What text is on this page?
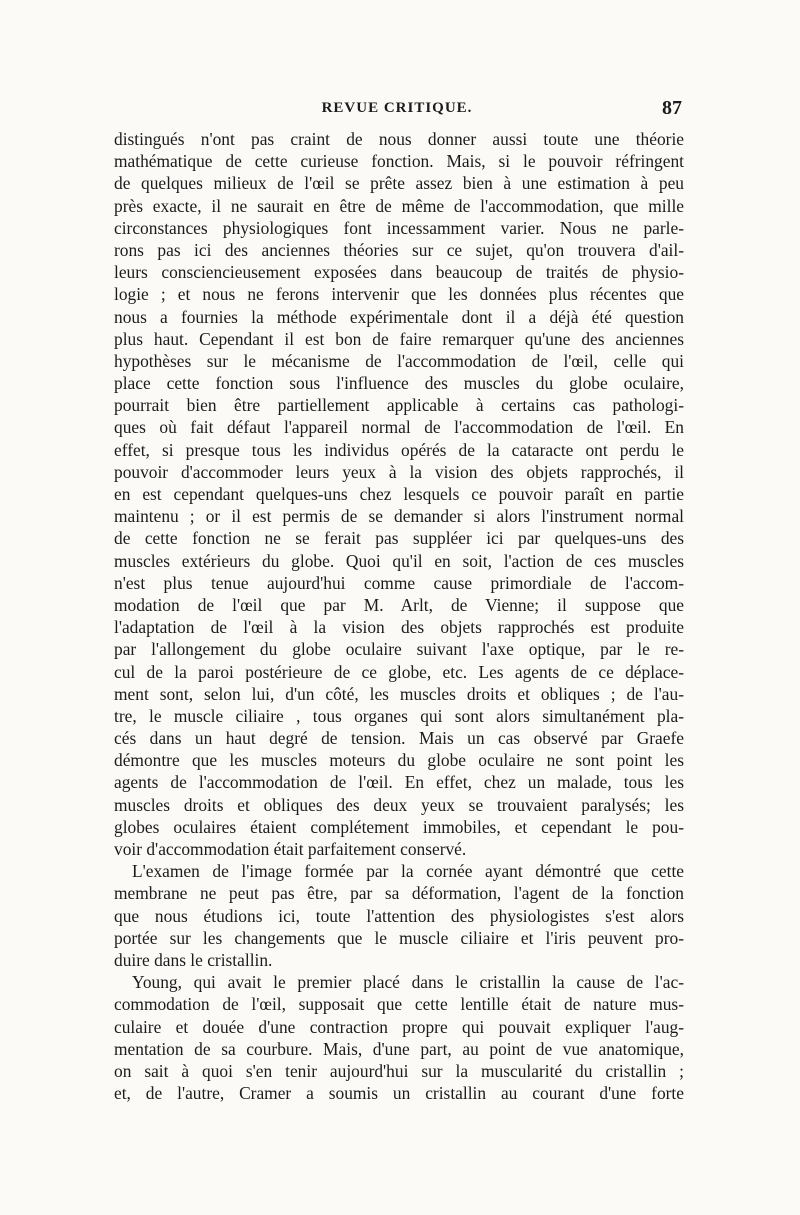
REVUE CRITIQUE.	87
distingués n'ont pas craint de nous donner aussi toute une théorie
mathématique de cette curieuse fonction. Mais, si le pouvoir réfringent
de quelques milieux de l'œil se prête assez bien à une estimation à peu
près exacte, il ne saurait en être de même de l'accommodation, que mille
circonstances physiologiques font incessamment varier. Nous ne parle-
rons pas ici des anciennes théories sur ce sujet, qu'on trouvera d'ail-
leurs consciencieusement exposées dans beaucoup de traités de physio-
logie ; et nous ne ferons intervenir que les données plus récentes que
nous a fournies la méthode expérimentale dont il a déjà été question
plus haut. Cependant il est bon de faire remarquer qu'une des anciennes
hypothèses sur le mécanisme de l'accommodation de l'œil, celle qui
place cette fonction sous l'influence des muscles du globe oculaire,
pourrait bien être partiellement applicable à certains cas pathologi-
ques où fait défaut l'appareil normal de l'accommodation de l'œil. En
effet, si presque tous les individus opérés de la cataracte ont perdu le
pouvoir d'accommoder leurs yeux à la vision des objets rapprochés, il
en est cependant quelques-uns chez lesquels ce pouvoir paraît en partie
maintenu ; or il est permis de se demander si alors l'instrument normal
de cette fonction ne se ferait pas suppléer ici par quelques-uns des
muscles extérieurs du globe. Quoi qu'il en soit, l'action de ces muscles
n'est plus tenue aujourd'hui comme cause primordiale de l'accom-
modation de l'œil que par M. Arlt, de Vienne; il suppose que
l'adaptation de l'œil à la vision des objets rapprochés est produite
par l'allongement du globe oculaire suivant l'axe optique, par le re-
cul de la paroi postérieure de ce globe, etc. Les agents de ce déplace-
ment sont, selon lui, d'un côté, les muscles droits et obliques ; de l'au-
tre, le muscle ciliaire , tous organes qui sont alors simultanément pla-
cés dans un haut degré de tension. Mais un cas observé par Graefe
démontre que les muscles moteurs du globe oculaire ne sont point les
agents de l'accommodation de l'œil. En effet, chez un malade, tous les
muscles droits et obliques des deux yeux se trouvaient paralysés; les
globes oculaires étaient complétement immobiles, et cependant le pou-
voir d'accommodation était parfaitement conservé.
L'examen de l'image formée par la cornée ayant démontré que cette
membrane ne peut pas être, par sa déformation, l'agent de la fonction
que nous étudions ici, toute l'attention des physiologistes s'est alors
portée sur les changements que le muscle ciliaire et l'iris peuvent pro-
duire dans le cristallin.
Young, qui avait le premier placé dans le cristallin la cause de l'ac-
commodation de l'œil, supposait que cette lentille était de nature mus-
culaire et douée d'une contraction propre qui pouvait expliquer l'aug-
mentation de sa courbure. Mais, d'une part, au point de vue anatomique,
on sait à quoi s'en tenir aujourd'hui sur la muscularité du cristallin ;
et, de l'autre, Cramer a soumis un cristallin au courant d'une forte
